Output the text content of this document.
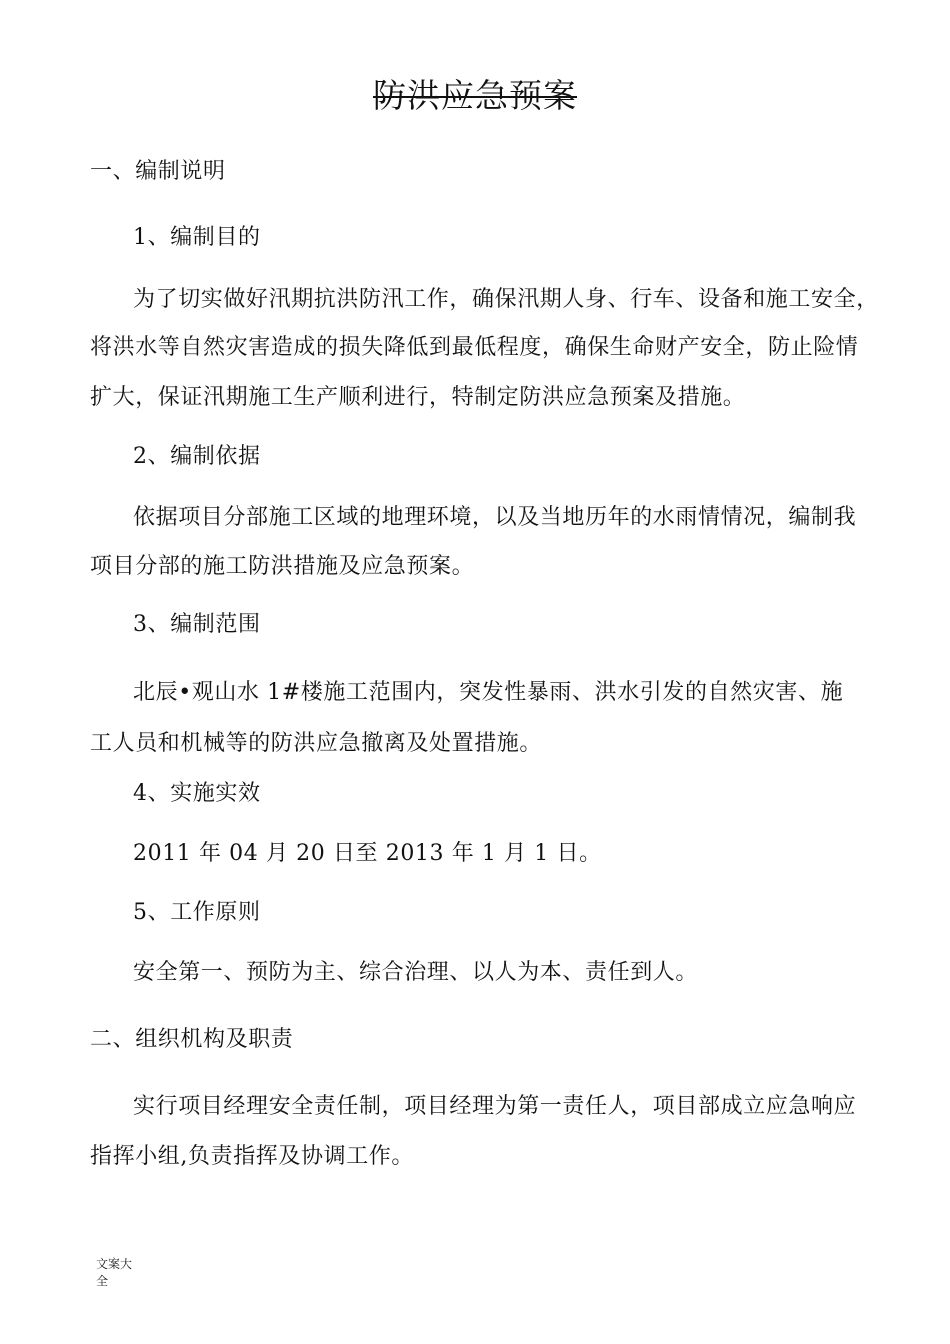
防洪应急预案
一、编制说明
1、编制目的
为了切实做好汛期抗洪防汛工作，确保汛期人身、行车、设备和施工安全，
将洪水等自然灾害造成的损失降低到最低程度，确保生命财产安全，防止险情
扩大，保证汛期施工生产顺利进行，特制定防洪应急预案及措施。
2、编制依据
依据项目分部施工区域的地理环境，以及当地历年的水雨情情况，编制我
项目分部的施工防洪措施及应急预案。
3、编制范围
北辰•观山水 1#楼施工范围内，突发性暴雨、洪水引发的自然灾害、施
工人员和机械等的防洪应急撤离及处置措施。
4、实施实效
2011 年 04 月 20 日至 2013 年 1 月 1 日。
5、工作原则
安全第一、预防为主、综合治理、以人为本、责任到人。
二、组织机构及职责
实行项目经理安全责任制，项目经理为第一责任人，项目部成立应急响应
指挥小组,负责指挥及协调工作。
文案大
全
